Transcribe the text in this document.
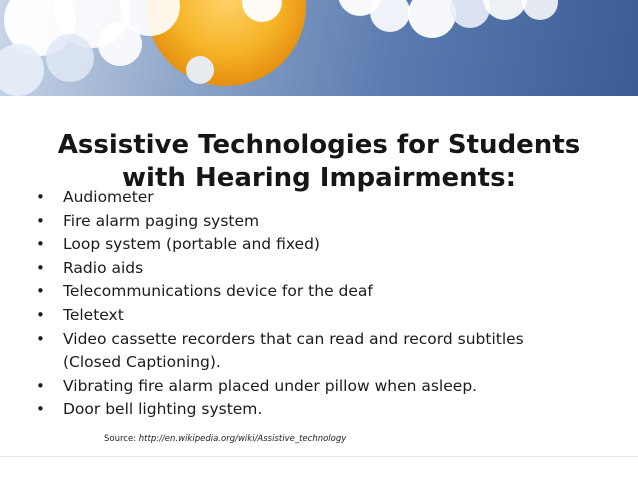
Assistive Technologies for Students
with Hearing Impairments:
• Audiometer
• Fire alarm paging system
• Loop system (portable and fixed)
• Radio aids
• Telecommunications device for the deaf
• Teletext
• Video cassette recorders that can read and record subtitles
(Closed Captioning).
• Vibrating fire alarm placed under pillow when asleep.
• Door bell lighting system.
Source: http://en.wikipedia.org/wiki/Assistive_technology
